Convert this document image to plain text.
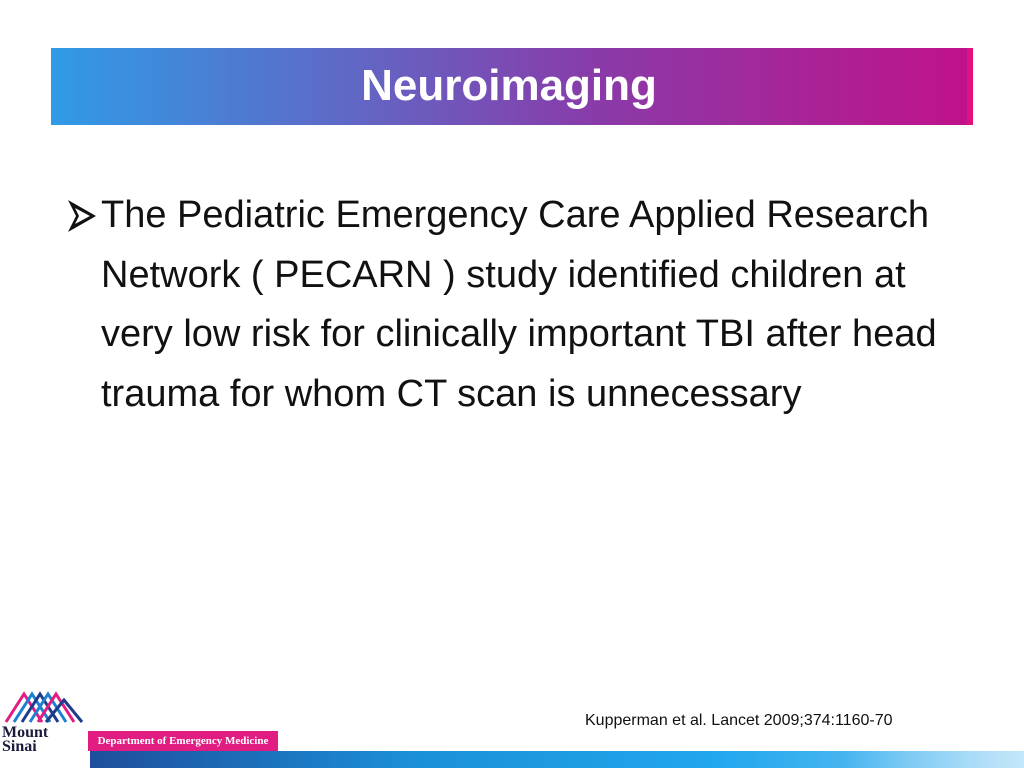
Neuroimaging
The Pediatric Emergency Care Applied Research Network ( PECARN ) study identified children at very low risk for clinically important TBI after head trauma for whom CT scan is unnecessary
Kupperman et al. Lancet 2009;374:1160-70
Mount
Sinai	Department of Emergency Medicine
